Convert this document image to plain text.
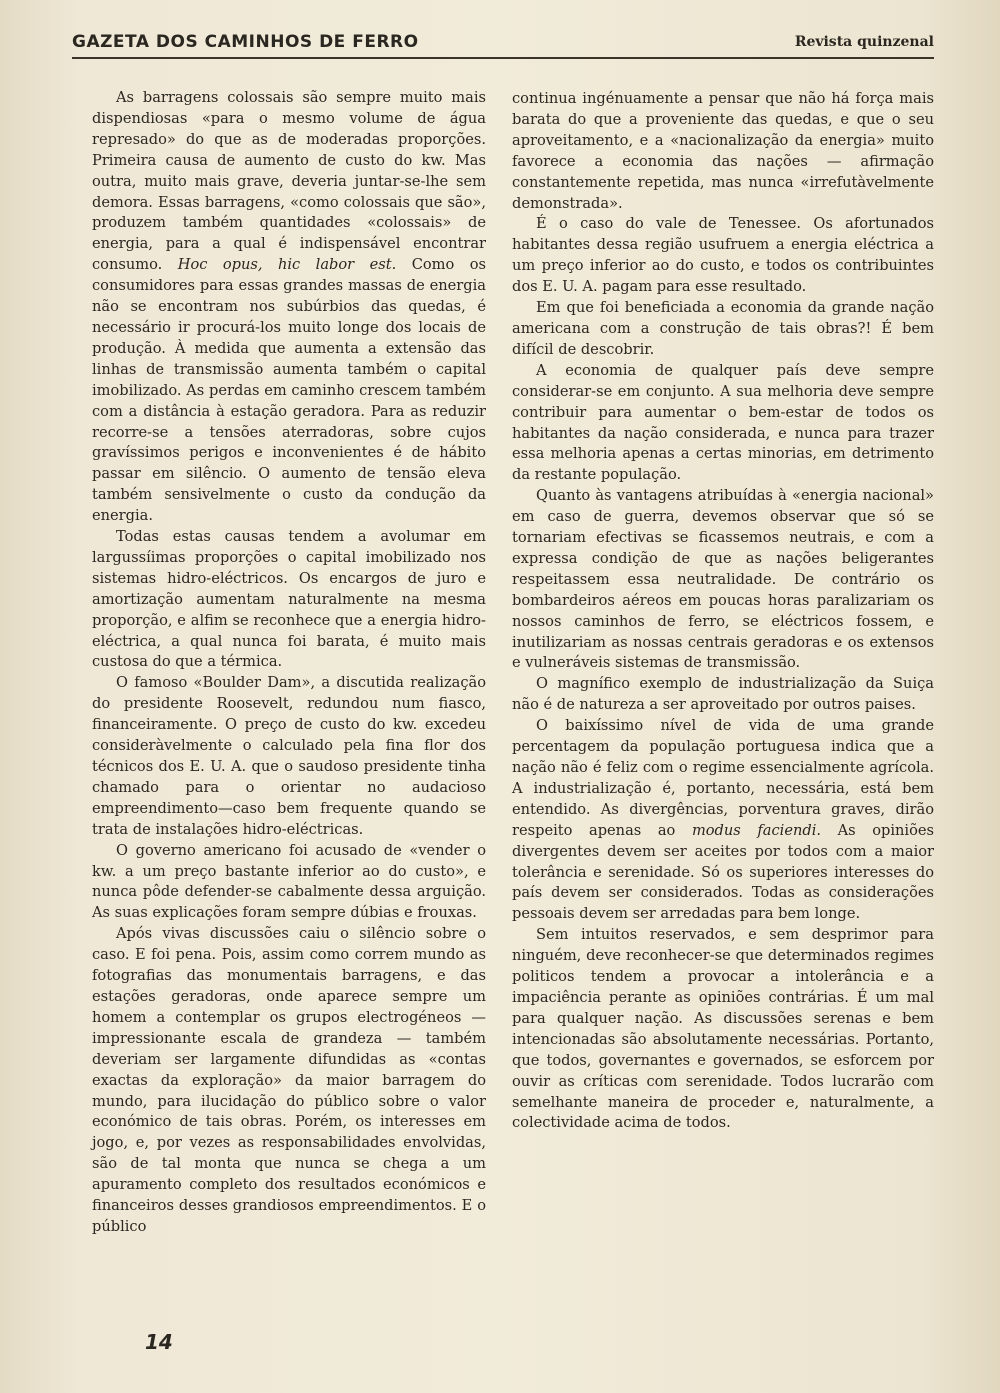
GAZETA DOS CAMINHOS DE FERRO	Revista quinzenal

As barragens colossais são sempre muito mais dispendiosas «para o mesmo volume de água represado» do que as de moderadas proporções. Primeira causa de aumento de custo do kw. Mas outra, muito mais grave, deveria juntar-se-lhe sem demora. Essas barragens, «como colossais que são», produzem também quantidades «colossais» de energia, para a qual é indispensável encontrar consumo. Hoc opus, hic labor est. Como os consumidores para essas grandes massas de energia não se encontram nos subúrbios das quedas, é necessário ir procurá-los muito longe dos locais de produção. À medida que aumenta a extensão das linhas de transmissão aumenta também o capital imobilizado. As perdas em caminho crescem também com a distância à estação geradora. Para as reduzir recorre-se a tensões aterradoras, sobre cujos gravíssimos perigos e inconvenientes é de hábito passar em silêncio. O aumento de tensão eleva também sensivelmente o custo da condução da energia.

Todas estas causas tendem a avolumar em largussíimas proporções o capital imobilizado nos sistemas hidro-eléctricos. Os encargos de juro e amortização aumentam naturalmente na mesma proporção, e alfim se reconhece que a energia hidro-eléctrica, a qual nunca foi barata, é muito mais custosa do que a térmica.

O famoso «Boulder Dam», a discutida realização do presidente Roosevelt, redundou num fiasco, financeiramente. O preço de custo do kw. excedeu consideràvelmente o calculado pela fina flor dos técnicos dos E. U. A. que o saudoso presidente tinha chamado para o orientar no audacioso empreendimento—caso bem frequente quando se trata de instalações hidro-eléctricas.

O governo americano foi acusado de «vender o kw. a um preço bastante inferior ao do custo», e nunca pôde defender-se cabalmente dessa arguição. As suas explicações foram sempre dúbias e frouxas.

Após vivas discussões caiu o silêncio sobre o caso. E foi pena. Pois, assim como correm mundo as fotografias das monumentais barragens, e das estações geradoras, onde aparece sempre um homem a contemplar os grupos electrogéneos — impressionante escala de grandeza — também deveriam ser largamente difundidas as «contas exactas da exploração» da maior barragem do mundo, para ilucidação do público sobre o valor económico de tais obras. Porém, os interesses em jogo, e, por vezes as responsabilidades envolvidas, são de tal monta que nunca se chega a um apuramento completo dos resultados económicos e financeiros desses grandiosos empreendimentos. E o público

continua ingénuamente a pensar que não há força mais barata do que a proveniente das quedas, e que o seu aproveitamento, e a «nacionalização da energia» muito favorece a economia das nações — afirmação constantemente repetida, mas nunca «irrefutàvelmente demonstrada».

É o caso do vale de Tenessee. Os afortunados habitantes dessa região usufruem a energia eléctrica a um preço inferior ao do custo, e todos os contribuintes dos E. U. A. pagam para esse resultado.

Em que foi beneficiada a economia da grande nação americana com a construção de tais obras?! É bem difícil de descobrir.

A economia de qualquer país deve sempre considerar-se em conjunto. A sua melhoria deve sempre contribuir para aumentar o bem-estar de todos os habitantes da nação considerada, e nunca para trazer essa melhoria apenas a certas minorias, em detrimento da restante população.

Quanto às vantagens atribuídas à «energia nacional» em caso de guerra, devemos observar que só se tornariam efectivas se ficassemos neutrais, e com a expressa condição de que as nações beligerantes respeitassem essa neutralidade. De contrário os bombardeiros aéreos em poucas horas paralizariam os nossos caminhos de ferro, se eléctricos fossem, e inutilizariam as nossas centrais geradoras e os extensos e vulneráveis sistemas de transmissão.

O magnífico exemplo de industrialização da Suiça não é de natureza a ser aproveitado por outros paises.

O baixíssimo nível de vida de uma grande percentagem da população portuguesa indica que a nação não é feliz com o regime essencialmente agrícola. A industrialização é, portanto, necessária, está bem entendido. As divergências, porventura graves, dirão respeito apenas ao modus faciendi. As opiniões divergentes devem ser aceites por todos com a maior tolerância e serenidade. Só os superiores interesses do país devem ser considerados. Todas as considerações pessoais devem ser arredadas para bem longe.

Sem intuitos reservados, e sem desprimor para ninguém, deve reconhecer-se que determinados regimes politicos tendem a provocar a intolerância e a impaciência perante as opiniões contrárias. É um mal para qualquer nação. As discussões serenas e bem intencionadas são absolutamente necessárias. Portanto, que todos, governantes e governados, se esforcem por ouvir as críticas com serenidade. Todos lucrarão com semelhante maneira de proceder e, naturalmente, a colectividade acima de todos.

14
